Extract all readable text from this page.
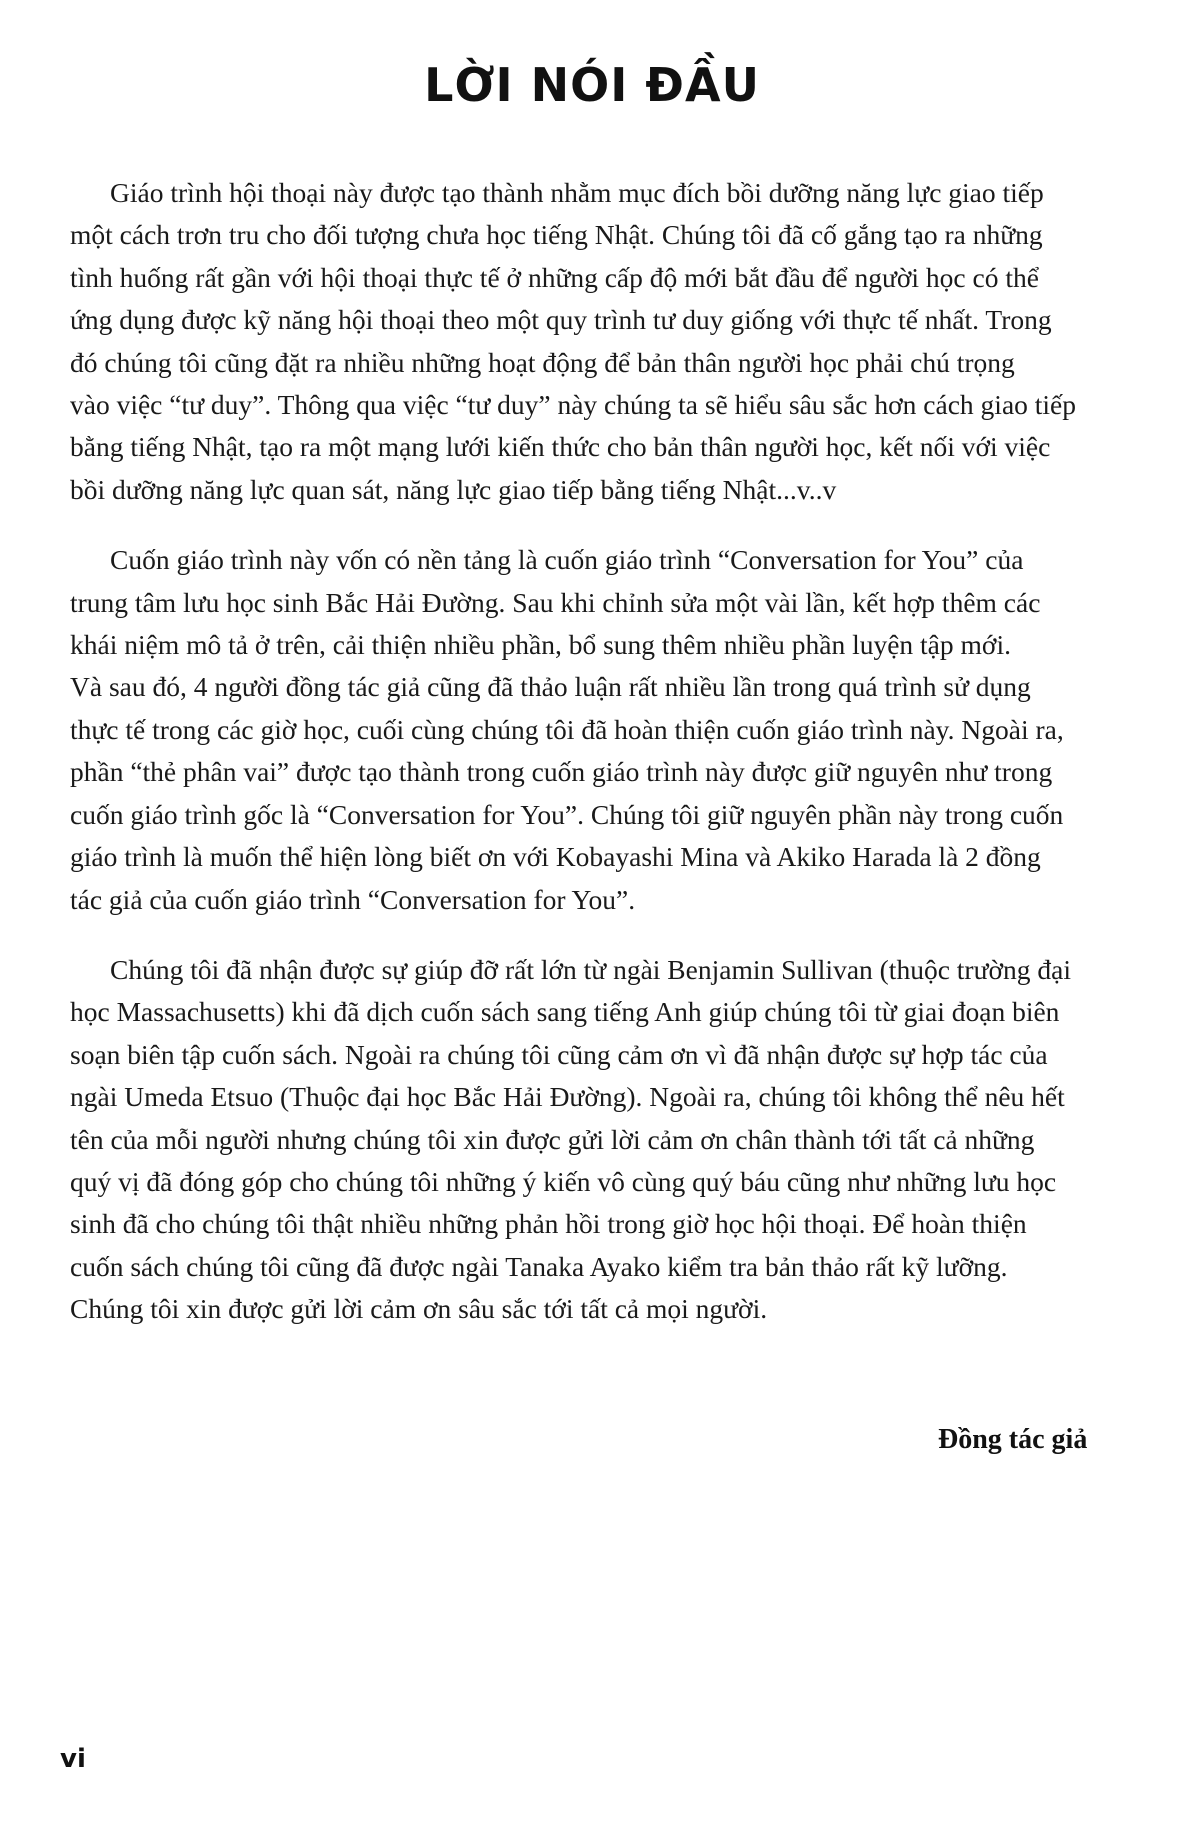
LỜI NÓI ĐẦU

Giáo trình hội thoại này được tạo thành nhằm mục đích bồi dưỡng năng lực giao tiếp
một cách trơn tru cho đối tượng chưa học tiếng Nhật. Chúng tôi đã cố gắng tạo ra những
tình huống rất gần với hội thoại thực tế ở những cấp độ mới bắt đầu để người học có thể
ứng dụng được kỹ năng hội thoại theo một quy trình tư duy giống với thực tế nhất. Trong
đó chúng tôi cũng đặt ra nhiều những hoạt động để bản thân người học phải chú trọng
vào việc “tư duy”. Thông qua việc “tư duy” này chúng ta sẽ hiểu sâu sắc hơn cách giao tiếp
bằng tiếng Nhật, tạo ra một mạng lưới kiến thức cho bản thân người học, kết nối với việc
bồi dưỡng năng lực quan sát, năng lực giao tiếp bằng tiếng Nhật...v..v

Cuốn giáo trình này vốn có nền tảng là cuốn giáo trình “Conversation for You” của
trung tâm lưu học sinh Bắc Hải Đường. Sau khi chỉnh sửa một vài lần, kết hợp thêm các
khái niệm mô tả ở trên, cải thiện nhiều phần, bổ sung thêm nhiều phần luyện tập mới.
Và sau đó, 4 người đồng tác giả cũng đã thảo luận rất nhiều lần trong quá trình sử dụng
thực tế trong các giờ học, cuối cùng chúng tôi đã hoàn thiện cuốn giáo trình này. Ngoài ra,
phần “thẻ phân vai” được tạo thành trong cuốn giáo trình này được giữ nguyên như trong
cuốn giáo trình gốc là “Conversation for You”. Chúng tôi giữ nguyên phần này trong cuốn
giáo trình là muốn thể hiện lòng biết ơn với Kobayashi Mina và Akiko Harada là 2 đồng
tác giả của cuốn giáo trình “Conversation for You”.

Chúng tôi đã nhận được sự giúp đỡ rất lớn từ ngài Benjamin Sullivan (thuộc trường đại
học Massachusetts) khi đã dịch cuốn sách sang tiếng Anh giúp chúng tôi từ giai đoạn biên
soạn biên tập cuốn sách. Ngoài ra chúng tôi cũng cảm ơn vì đã nhận được sự hợp tác của
ngài Umeda Etsuo (Thuộc đại học Bắc Hải Đường). Ngoài ra, chúng tôi không thể nêu hết
tên của mỗi người nhưng chúng tôi xin được gửi lời cảm ơn chân thành tới tất cả những
quý vị đã đóng góp cho chúng tôi những ý kiến vô cùng quý báu cũng như những lưu học
sinh đã cho chúng tôi thật nhiều những phản hồi trong giờ học hội thoại. Để hoàn thiện
cuốn sách chúng tôi cũng đã được ngài Tanaka Ayako kiểm tra bản thảo rất kỹ lưỡng.
Chúng tôi xin được gửi lời cảm ơn sâu sắc tới tất cả mọi người.

Đồng tác giả
vi
